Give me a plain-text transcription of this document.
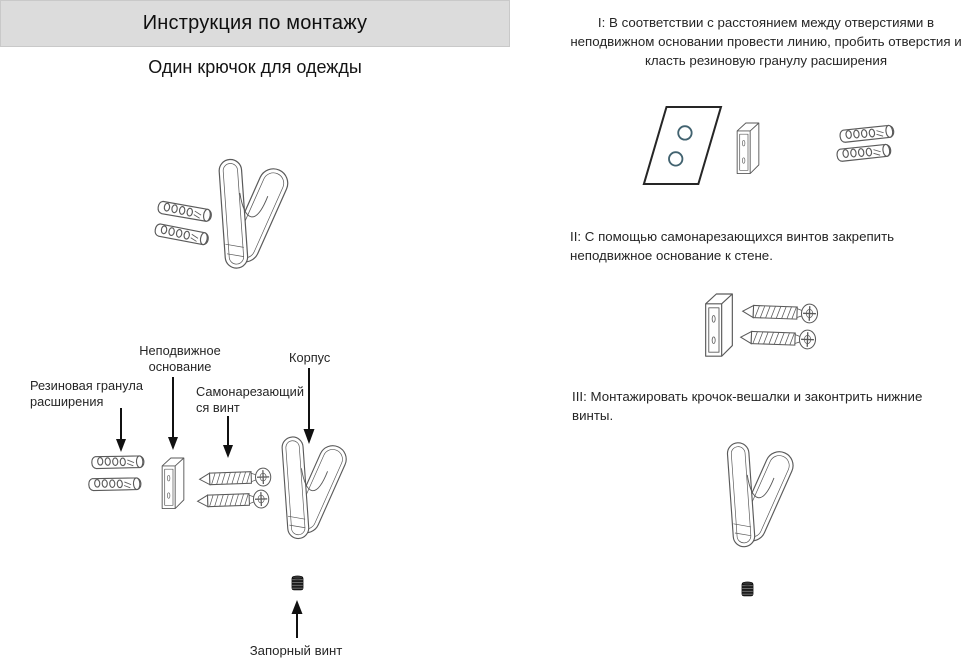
Инструкция по монтажу
Один крючок для одежды
Неподвижное
основание
Корпус
Резиновая гранула
расширения
Самонарезающий
ся винт
Запорный винт
I: В соответствии с расстоянием между отверстиями в неподвижном основании провести линию, пробить отверстия и класть резиновую гранулу расширения
II: С помощью самонарезающихся винтов закрепить неподвижное основание к стене.
III: Монтажировать крочок-вешалки и законтрить нижние винты.
